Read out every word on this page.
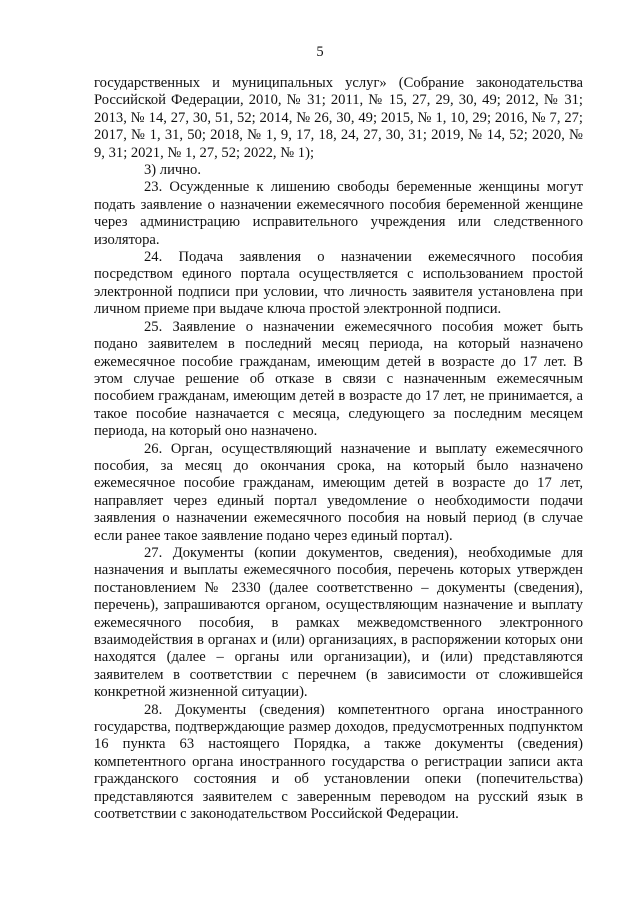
5

государственных и муниципальных услуг» (Собрание законодательства Российской Федерации, 2010, № 31; 2011, № 15, 27, 29, 30, 49; 2012, № 31; 2013, № 14, 27, 30, 51, 52; 2014, № 26, 30, 49; 2015, № 1, 10, 29; 2016, № 7, 27; 2017, № 1, 31, 50; 2018, № 1, 9, 17, 18, 24, 27, 30, 31; 2019, № 14, 52; 2020, № 9, 31; 2021, № 1, 27, 52; 2022, № 1);

3) лично.

23. Осужденные к лишению свободы беременные женщины могут подать заявление о назначении ежемесячного пособия беременной женщине через администрацию исправительного учреждения или следственного изолятора.

24. Подача заявления о назначении ежемесячного пособия посредством единого портала осуществляется с использованием простой электронной подписи при условии, что личность заявителя установлена при личном приеме при выдаче ключа простой электронной подписи.

25. Заявление о назначении ежемесячного пособия может быть подано заявителем в последний месяц периода, на который назначено ежемесячное пособие гражданам, имеющим детей в возрасте до 17 лет. В этом случае решение об отказе в связи с назначенным ежемесячным пособием гражданам, имеющим детей в возрасте до 17 лет, не принимается, а такое пособие назначается с месяца, следующего за последним месяцем периода, на который оно назначено.

26. Орган, осуществляющий назначение и выплату ежемесячного пособия, за месяц до окончания срока, на который было назначено ежемесячное пособие гражданам, имеющим детей в возрасте до 17 лет, направляет через единый портал уведомление о необходимости подачи заявления о назначении ежемесячного пособия на новый период (в случае если ранее такое заявление подано через единый портал).

27. Документы (копии документов, сведения), необходимые для назначения и выплаты ежемесячного пособия, перечень которых утвержден постановлением № 2330 (далее соответственно – документы (сведения), перечень), запрашиваются органом, осуществляющим назначение и выплату ежемесячного пособия, в рамках межведомственного электронного взаимодействия в органах и (или) организациях, в распоряжении которых они находятся (далее – органы или организации), и (или) представляются заявителем в соответствии с перечнем (в зависимости от сложившейся конкретной жизненной ситуации).

28. Документы (сведения) компетентного органа иностранного государства, подтверждающие размер доходов, предусмотренных подпунктом 16 пункта 63 настоящего Порядка, а также документы (сведения) компетентного органа иностранного государства о регистрации записи акта гражданского состояния и об установлении опеки (попечительства) представляются заявителем с заверенным переводом на русский язык в соответствии с законодательством Российской Федерации.
